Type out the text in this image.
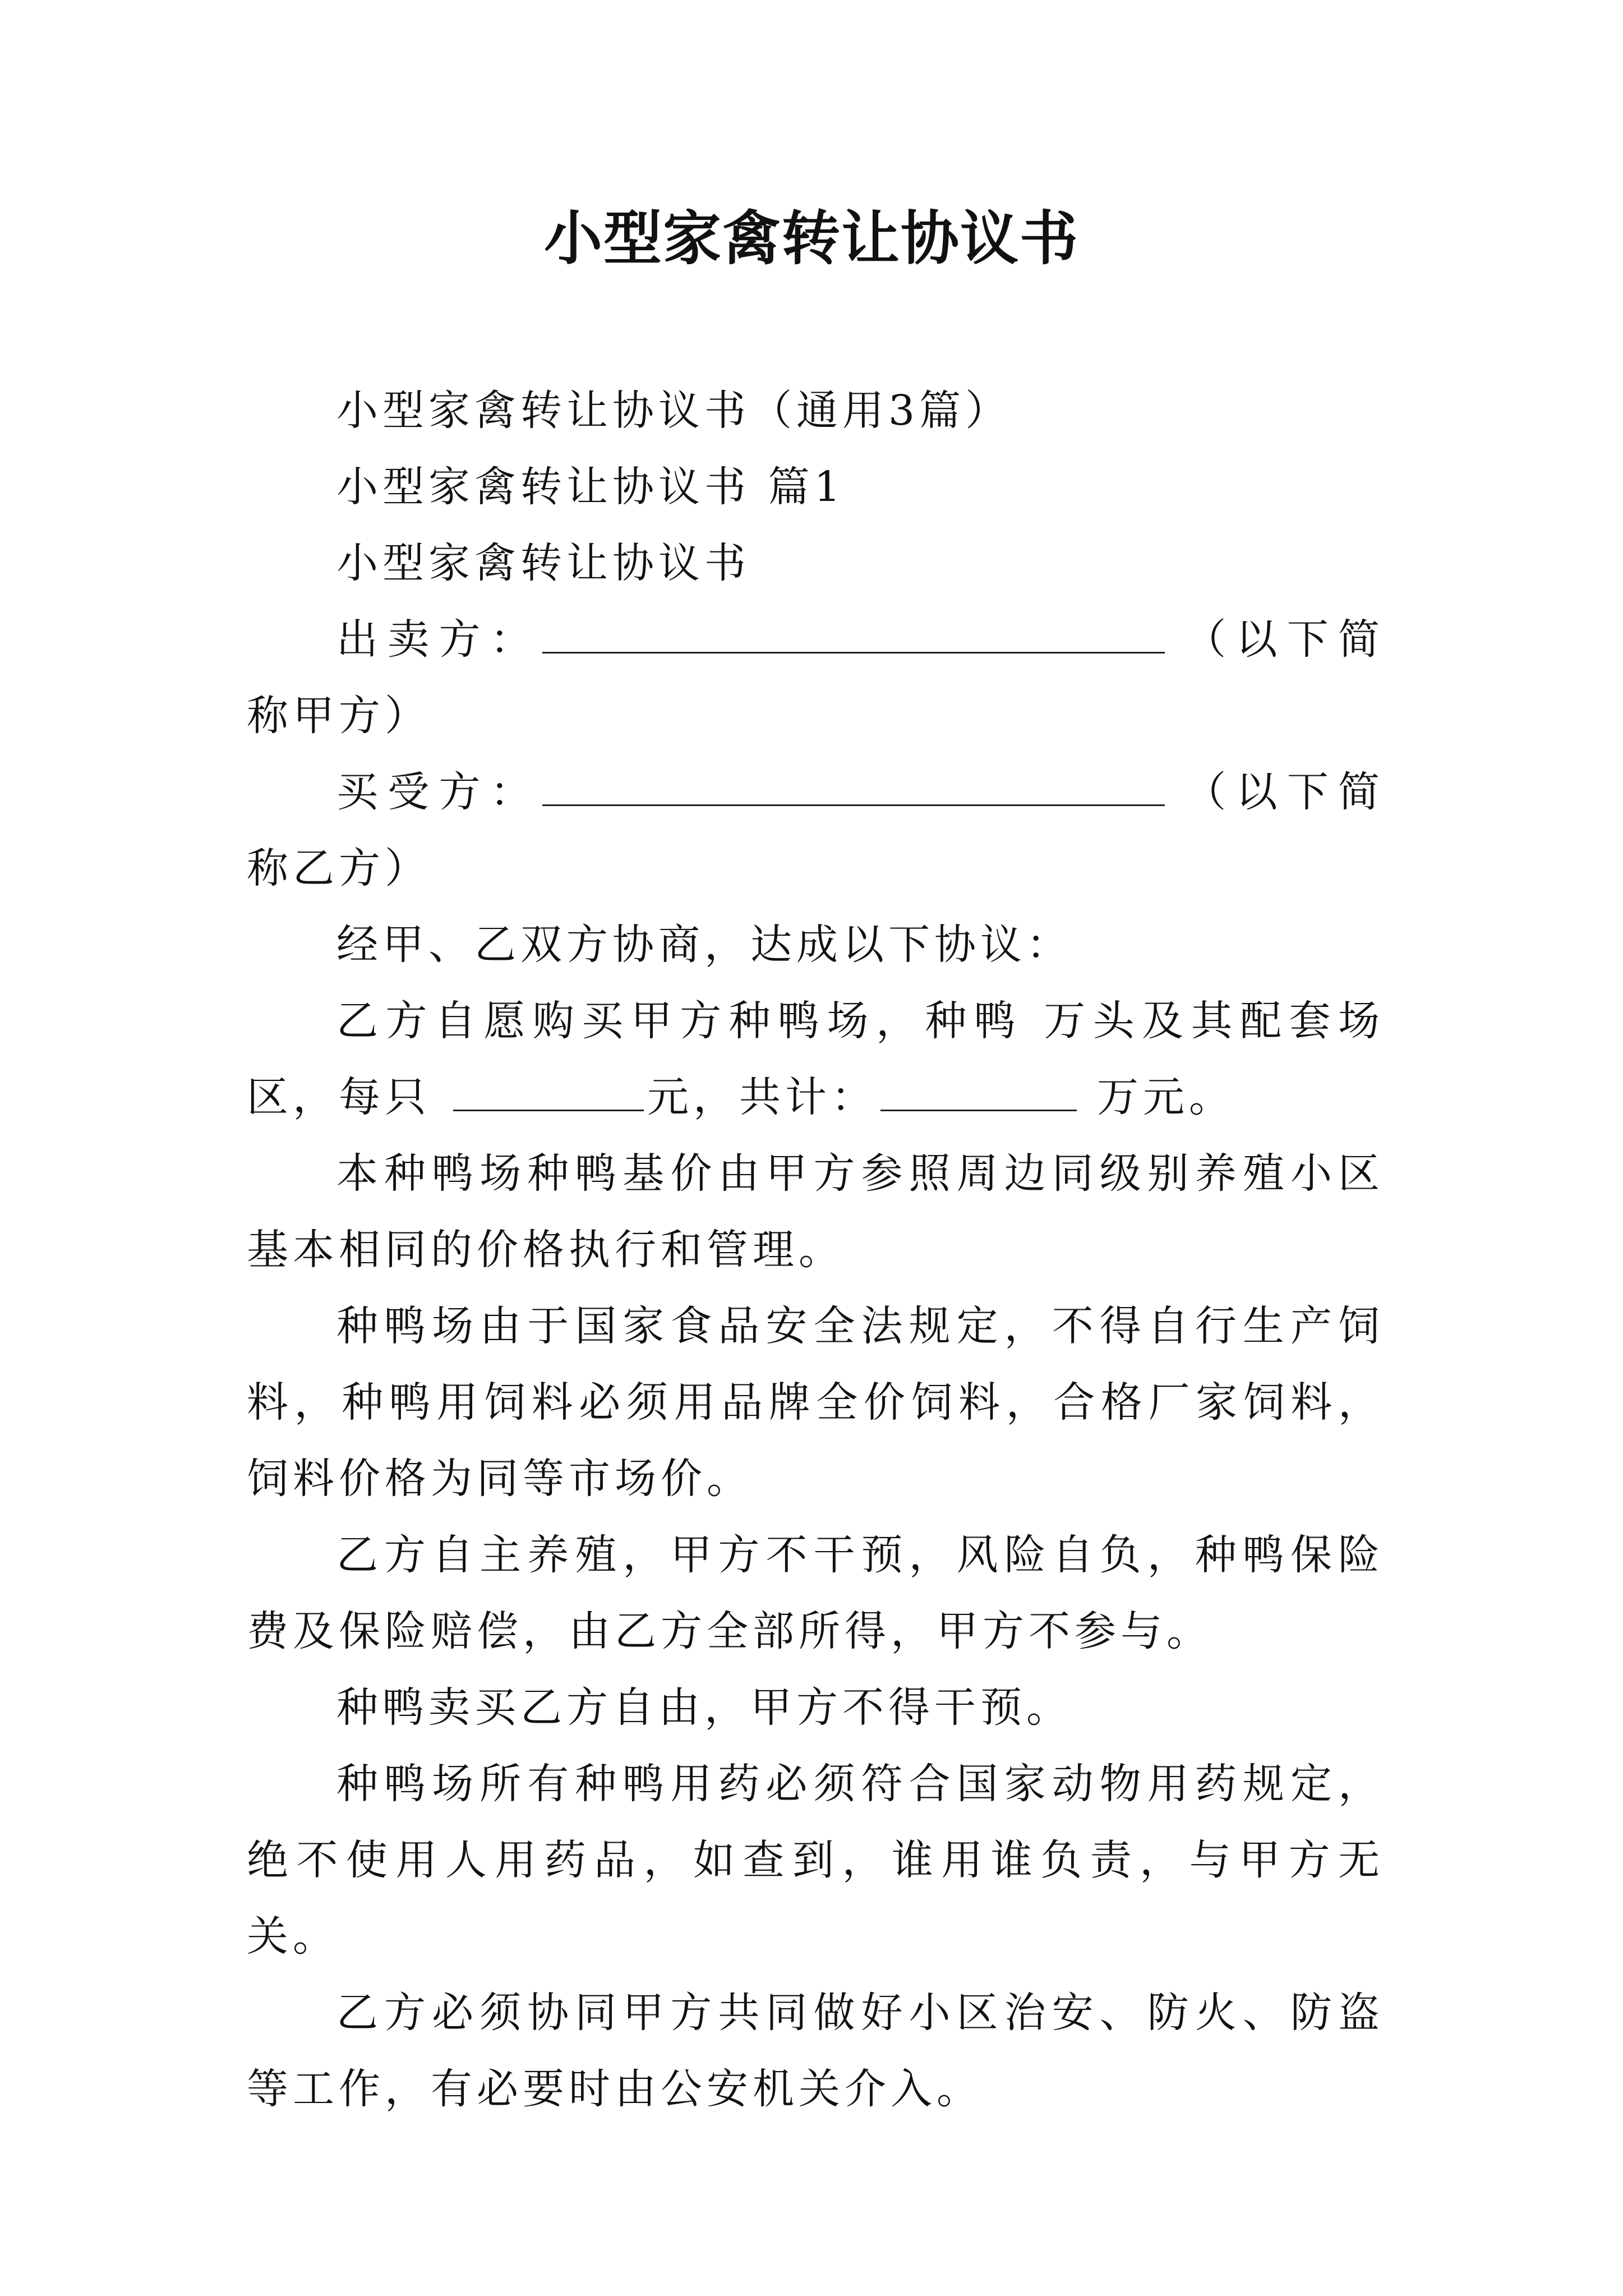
小型家禽转让协议书

小型家禽转让协议书（通用3篇）

小型家禽转让协议书 篇1

小型家禽转让协议书

出卖方：	（以下简称甲方）

买受方：	（以下简称乙方）

经甲、乙双方协商，达成以下协议：

乙方自愿购买甲方种鸭场，种鸭 万头及其配套场区，每只	元，共计：	万元。

本种鸭场种鸭基价由甲方参照周边同级别养殖小区基本相同的价格执行和管理。

种鸭场由于国家食品安全法规定，不得自行生产饲料，种鸭用饲料必须用品牌全价饲料，合格厂家饲料，饲料价格为同等市场价。

乙方自主养殖，甲方不干预，风险自负，种鸭保险费及保险赔偿，由乙方全部所得，甲方不参与。

种鸭卖买乙方自由，甲方不得干预。

种鸭场所有种鸭用药必须符合国家动物用药规定，绝不使用人用药品，如查到，谁用谁负责，与甲方无关。

乙方必须协同甲方共同做好小区治安、防火、防盗等工作，有必要时由公安机关介入。
